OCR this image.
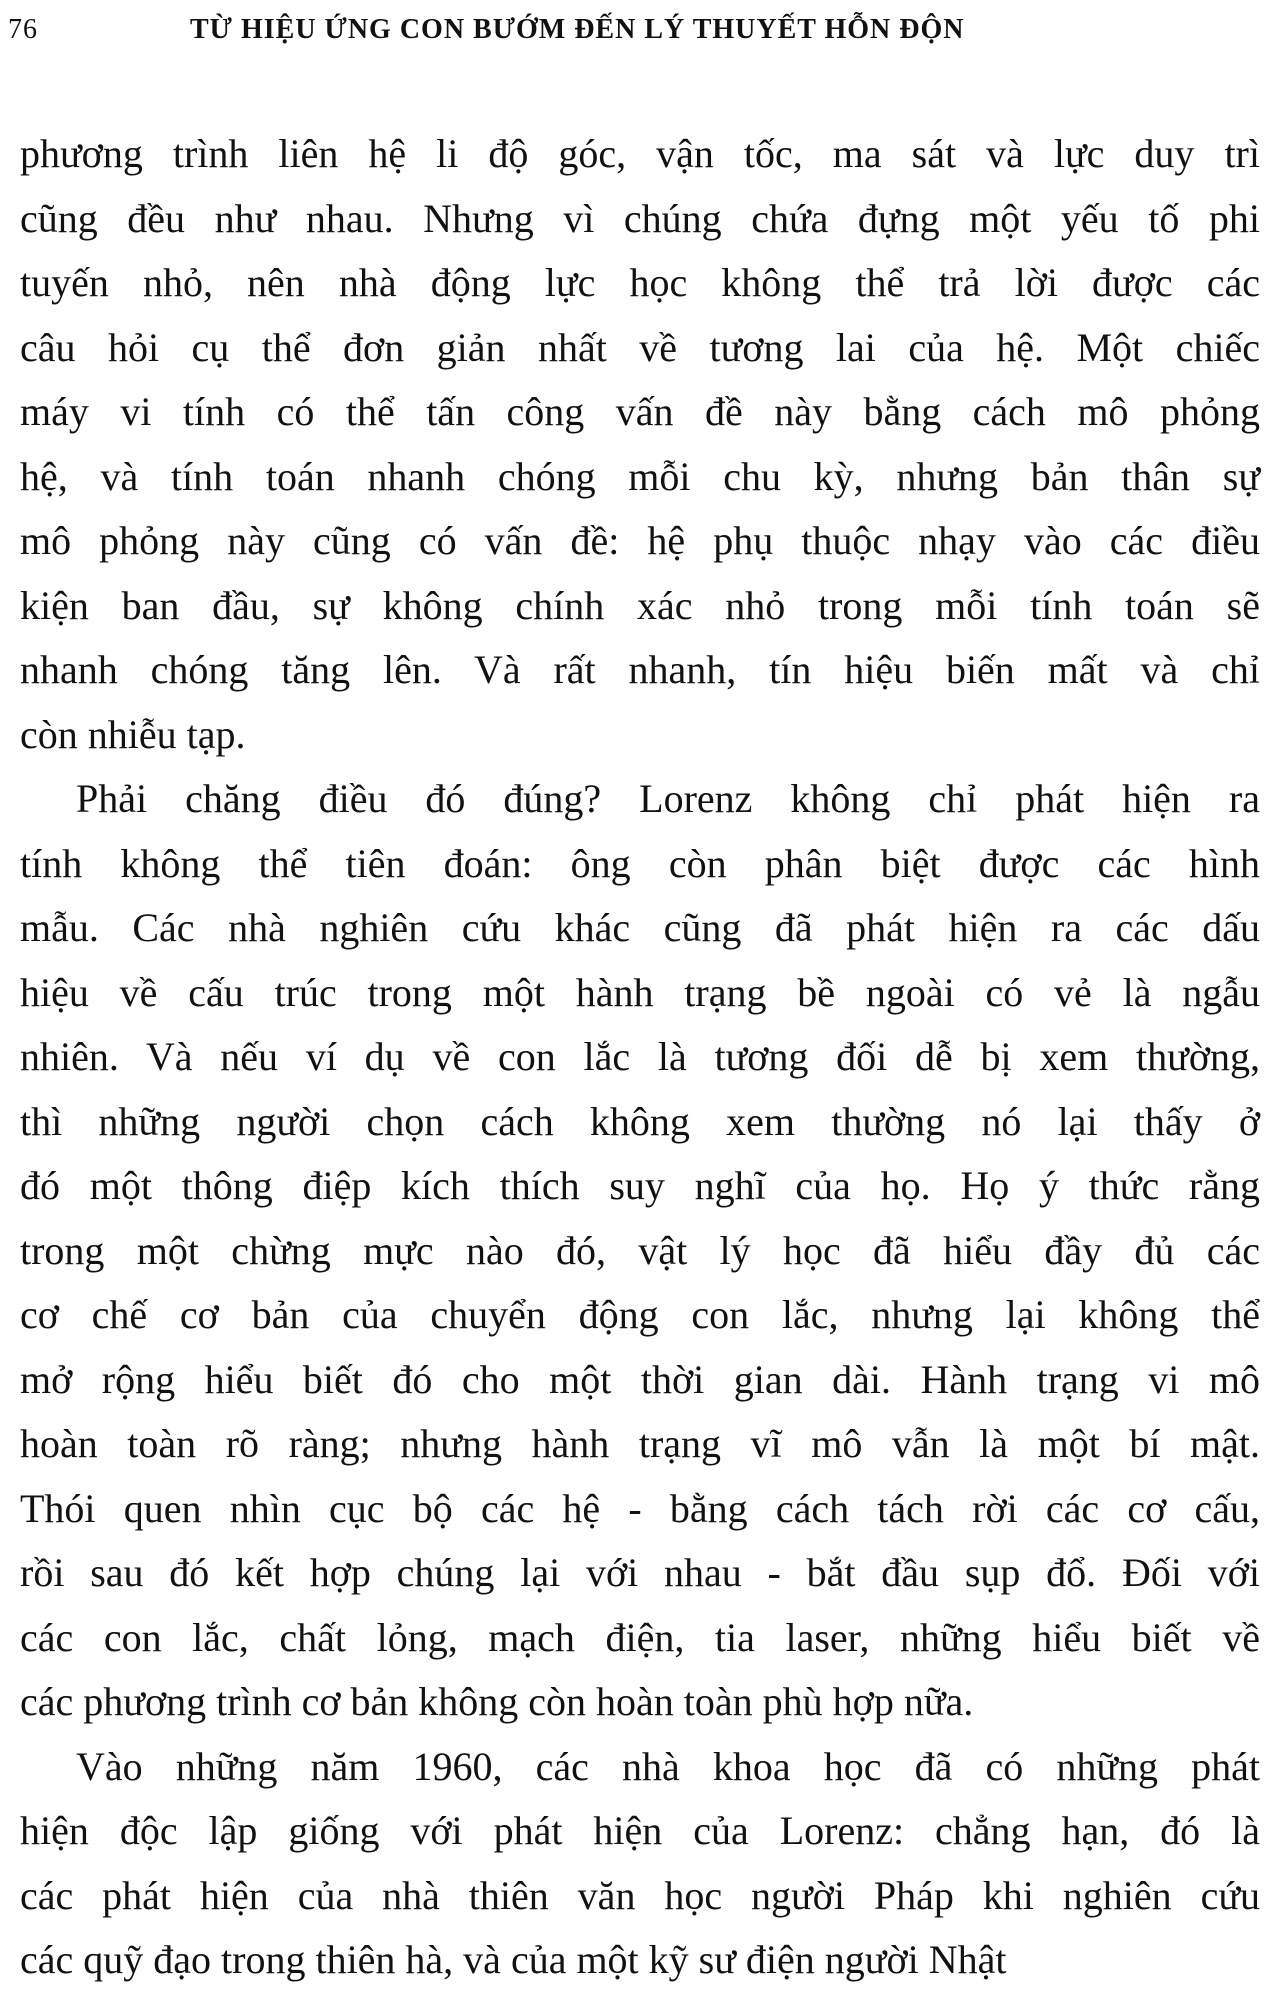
76	TỪ HIỆU ỨNG CON BƯỚM ĐẾN LÝ THUYẾT HỖN ĐỘN
phương trình liên hệ li độ góc, vận tốc, ma sát và lực duy trì
cũng đều như nhau. Nhưng vì chúng chứa đựng một yếu tố phi
tuyến nhỏ, nên nhà động lực học không thể trả lời được các
câu hỏi cụ thể đơn giản nhất về tương lai của hệ. Một chiếc
máy vi tính có thể tấn công vấn đề này bằng cách mô phỏng
hệ, và tính toán nhanh chóng mỗi chu kỳ, nhưng bản thân sự
mô phỏng này cũng có vấn đề: hệ phụ thuộc nhạy vào các điều
kiện ban đầu, sự không chính xác nhỏ trong mỗi tính toán sẽ
nhanh chóng tăng lên. Và rất nhanh, tín hiệu biến mất và chỉ
còn nhiễu tạp.
Phải chăng điều đó đúng? Lorenz không chỉ phát hiện ra
tính không thể tiên đoán: ông còn phân biệt được các hình
mẫu. Các nhà nghiên cứu khác cũng đã phát hiện ra các dấu
hiệu về cấu trúc trong một hành trạng bề ngoài có vẻ là ngẫu
nhiên. Và nếu ví dụ về con lắc là tương đối dễ bị xem thường,
thì những người chọn cách không xem thường nó lại thấy ở
đó một thông điệp kích thích suy nghĩ của họ. Họ ý thức rằng
trong một chừng mực nào đó, vật lý học đã hiểu đầy đủ các
cơ chế cơ bản của chuyển động con lắc, nhưng lại không thể
mở rộng hiểu biết đó cho một thời gian dài. Hành trạng vi mô
hoàn toàn rõ ràng; nhưng hành trạng vĩ mô vẫn là một bí mật.
Thói quen nhìn cục bộ các hệ - bằng cách tách rời các cơ cấu,
rồi sau đó kết hợp chúng lại với nhau - bắt đầu sụp đổ. Đối với
các con lắc, chất lỏng, mạch điện, tia laser, những hiểu biết về
các phương trình cơ bản không còn hoàn toàn phù hợp nữa.
Vào những năm 1960, các nhà khoa học đã có những phát
hiện độc lập giống với phát hiện của Lorenz: chẳng hạn, đó là
các phát hiện của nhà thiên văn học người Pháp khi nghiên cứu
các quỹ đạo trong thiên hà, và của một kỹ sư điện người Nhật
